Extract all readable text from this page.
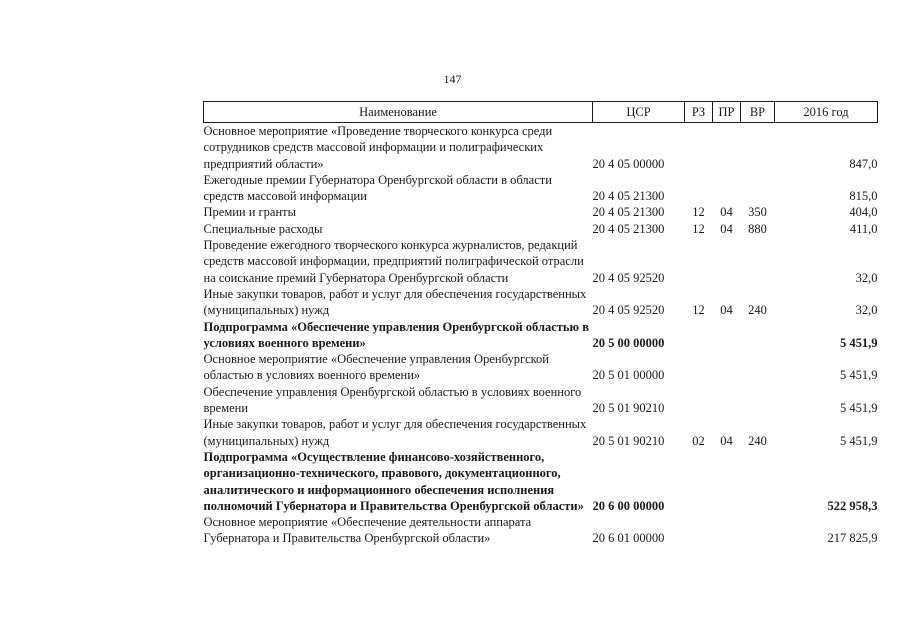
147
Наименование	ЦСР	РЗ	ПР	ВР	2016 год
Основное мероприятие «Проведение творческого конкурса среди сотрудников средств массовой информации и полиграфических предприятий области»	20 4 05 00000				847,0
Ежегодные премии Губернатора Оренбургской области в области средств массовой информации	20 4 05 21300				815,0
Премии и гранты	20 4 05 21300	12	04	350	404,0
Специальные расходы	20 4 05 21300	12	04	880	411,0
Проведение ежегодного творческого конкурса журналистов, редакций средств массовой информации, предприятий полиграфической отрасли на соискание премий Губернатора Оренбургской области	20 4 05 92520				32,0
Иные закупки товаров, работ и услуг для обеспечения государственных (муниципальных) нужд	20 4 05 92520	12	04	240	32,0
Подпрограмма «Обеспечение управления Оренбургской областью в условиях военного времени»	20 5 00 00000				5 451,9
Основное мероприятие «Обеспечение управления Оренбургской областью в условиях военного времени»	20 5 01 00000				5 451,9
Обеспечение управления Оренбургской областью в условиях военного времени	20 5 01 90210				5 451,9
Иные закупки товаров, работ и услуг для обеспечения государственных (муниципальных) нужд	20 5 01 90210	02	04	240	5 451,9
Подпрограмма «Осуществление финансово-хозяйственного, организационно-технического, правового, документационного, аналитического и информационного обеспечения исполнения полномочий Губернатора и Правительства Оренбургской области»	20 6 00 00000				522 958,3
Основное мероприятие «Обеспечение деятельности аппарата Губернатора и Правительства Оренбургской области»	20 6 01 00000				217 825,9
